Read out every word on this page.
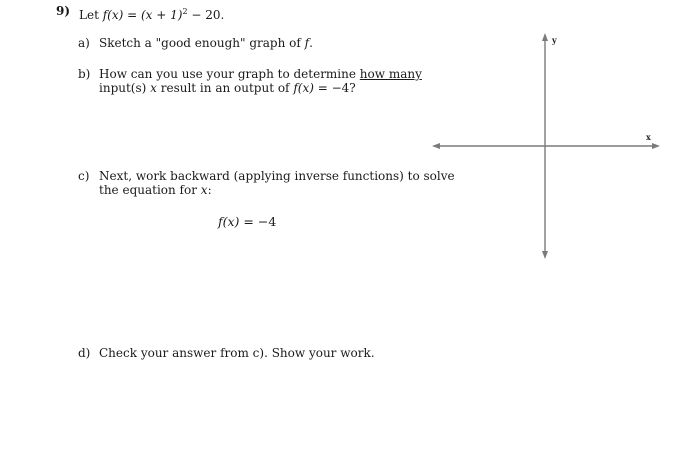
9) Let $f(x) = (x + 1)^2 - 20$.
a) Sketch a "good enough" graph of f.
b) How can you use your graph to determine how many
input(s) x result in an output of f(x) = −4?
c) Next, work backward (applying inverse functions) to solve
the equation for x:
f(x) = −4
d) Check your answer from c). Show your work.
y
x
